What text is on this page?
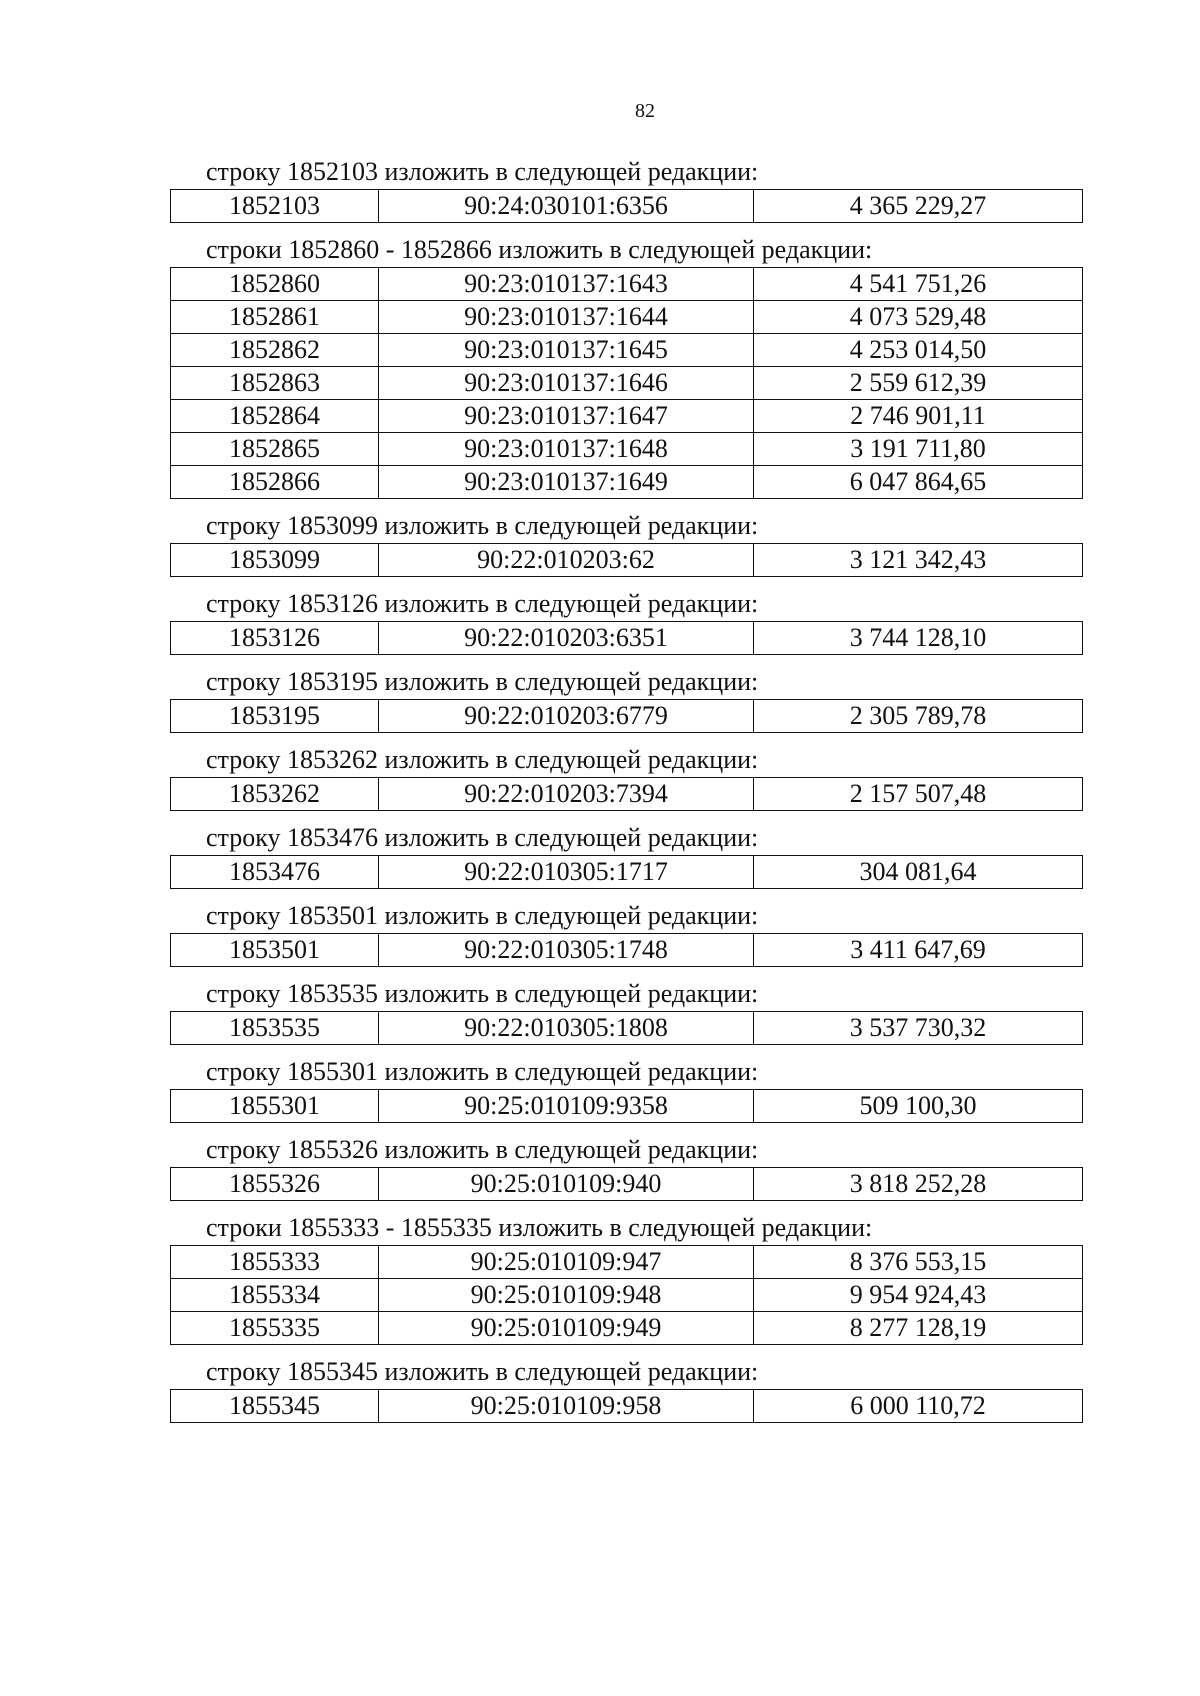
82
строку 1852103 изложить в следующей редакции:
1852103	90:24:030101:6356	4 365 229,27
строки 1852860 - 1852866 изложить в следующей редакции:
1852860	90:23:010137:1643	4 541 751,26
1852861	90:23:010137:1644	4 073 529,48
1852862	90:23:010137:1645	4 253 014,50
1852863	90:23:010137:1646	2 559 612,39
1852864	90:23:010137:1647	2 746 901,11
1852865	90:23:010137:1648	3 191 711,80
1852866	90:23:010137:1649	6 047 864,65
строку 1853099 изложить в следующей редакции:
1853099	90:22:010203:62	3 121 342,43
строку 1853126 изложить в следующей редакции:
1853126	90:22:010203:6351	3 744 128,10
строку 1853195 изложить в следующей редакции:
1853195	90:22:010203:6779	2 305 789,78
строку 1853262 изложить в следующей редакции:
1853262	90:22:010203:7394	2 157 507,48
строку 1853476 изложить в следующей редакции:
1853476	90:22:010305:1717	304 081,64
строку 1853501 изложить в следующей редакции:
1853501	90:22:010305:1748	3 411 647,69
строку 1853535 изложить в следующей редакции:
1853535	90:22:010305:1808	3 537 730,32
строку 1855301 изложить в следующей редакции:
1855301	90:25:010109:9358	509 100,30
строку 1855326 изложить в следующей редакции:
1855326	90:25:010109:940	3 818 252,28
строки 1855333 - 1855335 изложить в следующей редакции:
1855333	90:25:010109:947	8 376 553,15
1855334	90:25:010109:948	9 954 924,43
1855335	90:25:010109:949	8 277 128,19
строку 1855345 изложить в следующей редакции:
1855345	90:25:010109:958	6 000 110,72
